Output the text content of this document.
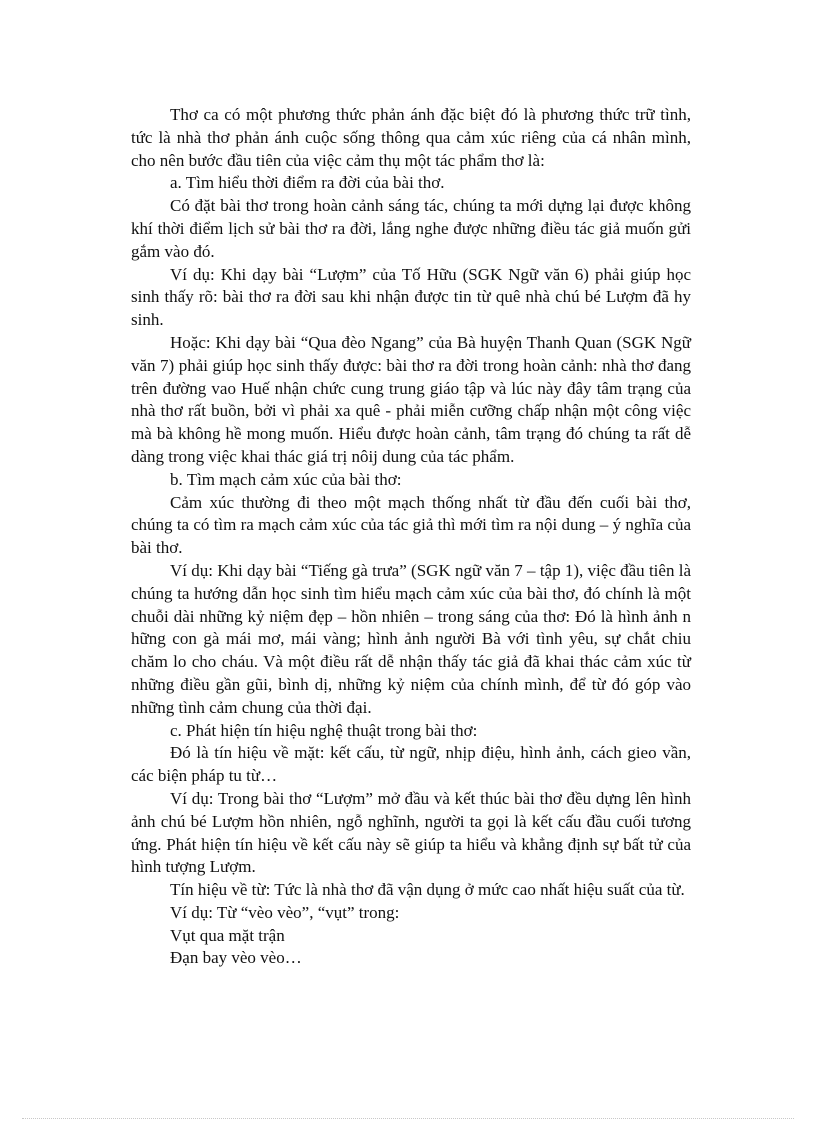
Thơ ca có một phương thức phản ánh đặc biệt đó là phương thức trữ tình, tức là nhà thơ phản ánh cuộc sống thông qua cảm xúc riêng của cá nhân mình, cho nên bước đầu tiên của việc cảm thụ một tác phẩm thơ là:

a. Tìm hiểu thời điểm ra đời của bài thơ.

Có đặt bài thơ trong hoàn cảnh sáng tác, chúng ta mới dựng lại được không khí thời điểm lịch sử bài thơ ra đời, lắng nghe được những điều tác giả muốn gửi gắm vào đó.

Ví dụ: Khi dạy bài “Lượm” của Tố Hữu (SGK Ngữ văn 6) phải giúp học sinh thấy rõ: bài thơ ra đời sau khi nhận được tin từ quê nhà chú bé Lượm đã hy sinh.

Hoặc: Khi dạy bài “Qua đèo Ngang” của Bà huyện Thanh Quan (SGK Ngữ văn 7) phải giúp học sinh thấy được: bài thơ ra đời trong hoàn cảnh: nhà thơ đang trên đường vao Huế nhận chức cung trung giáo tập và lúc này đây tâm trạng của nhà thơ rất buồn, bởi vì phải xa quê - phải miễn cưỡng chấp nhận một công việc mà bà không hề mong muốn. Hiểu được hoàn cảnh, tâm trạng đó chúng ta rất dễ dàng trong việc khai thác giá trị nôij dung của tác phẩm.

b. Tìm mạch cảm xúc của bài thơ:

Cảm xúc thường đi theo một mạch thống nhất từ đầu đến cuối bài thơ, chúng ta có tìm ra mạch cảm xúc của tác giả thì mới tìm ra nội dung – ý nghĩa của bài thơ.

Ví dụ: Khi dạy bài “Tiếng gà trưa” (SGK ngữ văn 7 – tập 1), việc đầu tiên là chúng ta hướng dẫn học sinh tìm hiểu mạch cảm xúc của bài thơ, đó chính là một chuỗi dài những kỷ niệm đẹp – hồn nhiên – trong sáng của thơ: Đó là hình ảnh n hững con gà mái mơ, mái vàng; hình ảnh người Bà với tình yêu, sự chắt chiu chăm lo cho cháu. Và một điều rất dễ nhận thấy tác giả đã khai thác cảm xúc từ những điều gần gũi, bình dị, những kỷ niệm của chính mình, để từ đó góp vào những tình cảm chung của thời đại.

c. Phát hiện tín hiệu nghệ thuật trong bài thơ:

Đó là tín hiệu về mặt: kết cấu, từ ngữ, nhịp điệu, hình ảnh, cách gieo vần, các biện pháp tu từ…

Ví dụ: Trong bài thơ “Lượm” mở đầu và kết thúc bài thơ đều dựng lên hình ảnh chú bé Lượm hồn nhiên, ngỗ nghĩnh, người ta gọi là kết cấu đầu cuối tương ứng. Phát hiện tín hiệu về kết cấu này sẽ giúp ta hiểu và khẳng định sự bất tử của hình tượng Lượm.

Tín hiệu về từ: Tức là nhà thơ đã vận dụng ở mức cao nhất hiệu suất của từ.

Ví dụ: Từ “vèo vèo”, “vụt” trong:

Vụt qua mặt trận

Đạn bay vèo vèo…
